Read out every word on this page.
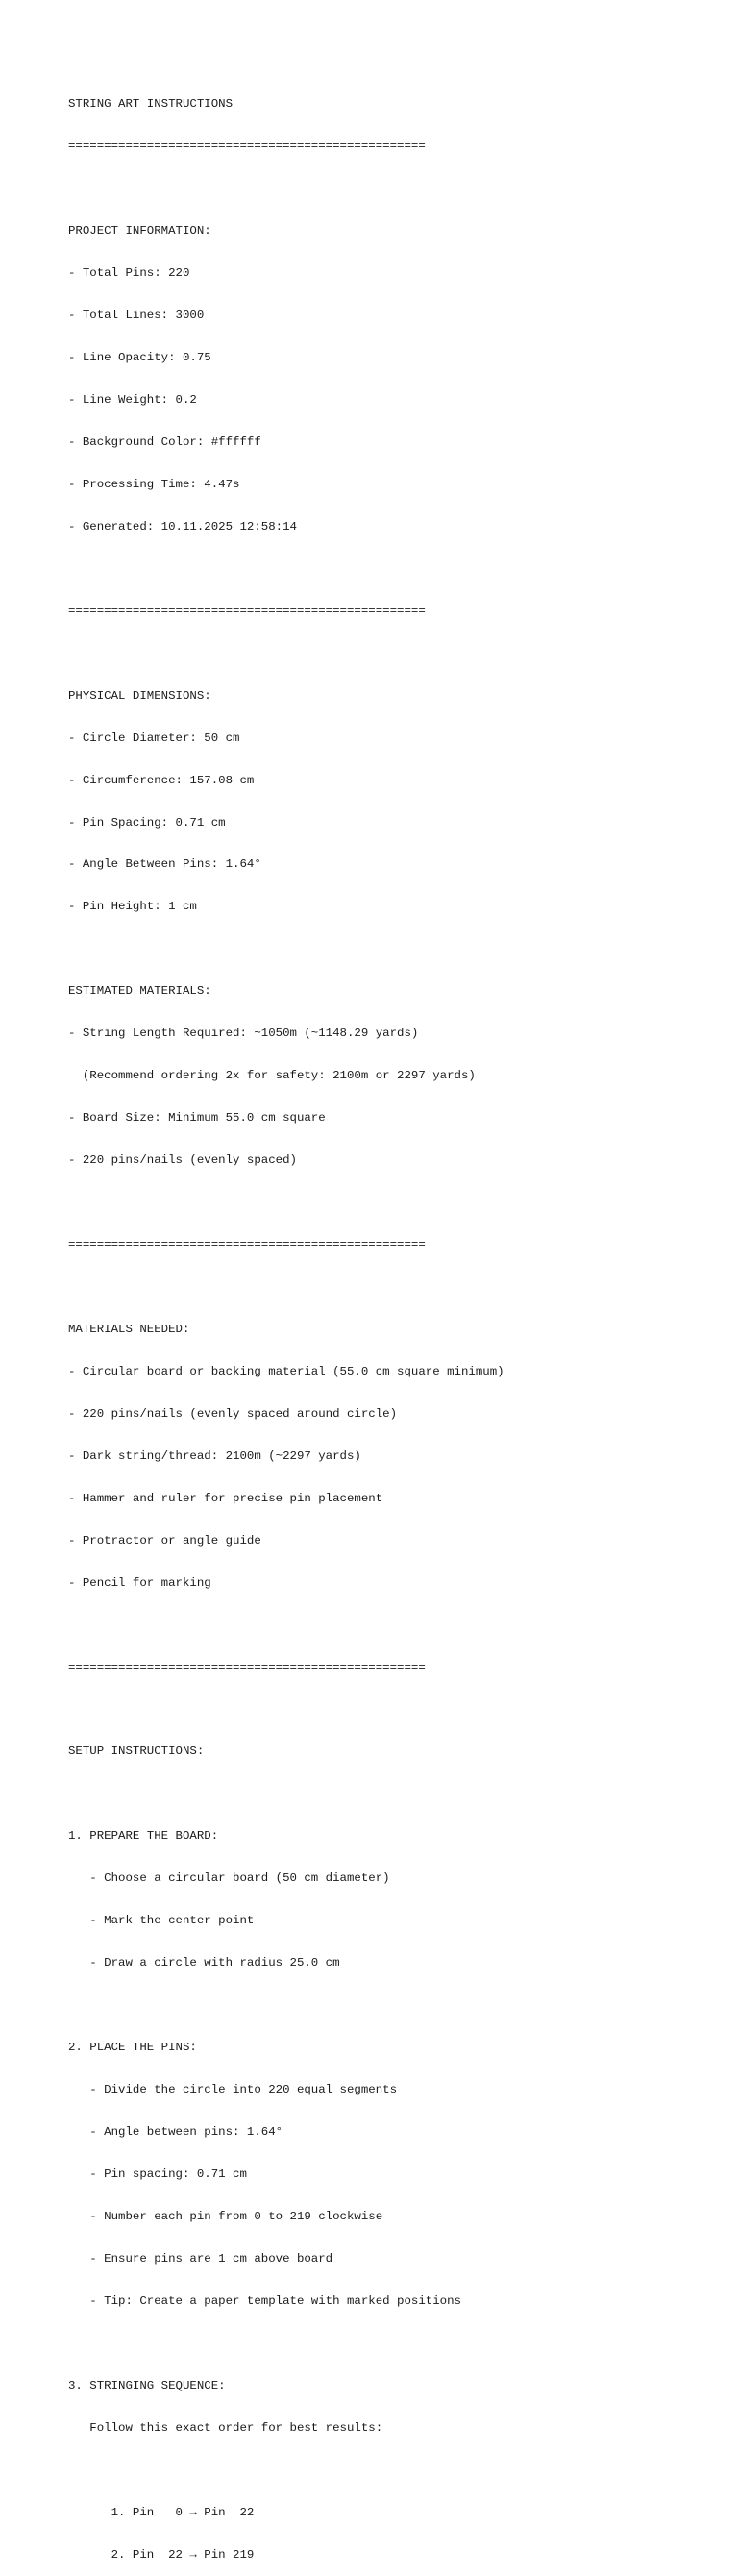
STRING ART INSTRUCTIONS

==================================================

PROJECT INFORMATION:

- Total Pins: 220

- Total Lines: 3000

- Line Opacity: 0.75

- Line Weight: 0.2

- Background Color: #ffffff

- Processing Time: 4.47s

- Generated: 10.11.2025 12:58:14

==================================================

PHYSICAL DIMENSIONS:

- Circle Diameter: 50 cm

- Circumference: 157.08 cm

- Pin Spacing: 0.71 cm

- Angle Between Pins: 1.64°

- Pin Height: 1 cm

ESTIMATED MATERIALS:

- String Length Required: ~1050m (~1148.29 yards)

(Recommend ordering 2x for safety: 2100m or 2297 yards)

- Board Size: Minimum 55.0 cm square

- 220 pins/nails (evenly spaced)

==================================================

MATERIALS NEEDED:

- Circular board or backing material (55.0 cm square minimum)

- 220 pins/nails (evenly spaced around circle)

- Dark string/thread: 2100m (~2297 yards)

- Hammer and ruler for precise pin placement

- Protractor or angle guide

- Pencil for marking

==================================================

SETUP INSTRUCTIONS:

1. PREPARE THE BOARD:

- Choose a circular board (50 cm diameter)

- Mark the center point

- Draw a circle with radius 25.0 cm

2. PLACE THE PINS:

- Divide the circle into 220 equal segments

- Angle between pins: 1.64°

- Pin spacing: 0.71 cm

- Number each pin from 0 to 219 clockwise

- Ensure pins are 1 cm above board

- Tip: Create a paper template with marked positions

3. STRINGING SEQUENCE:

Follow this exact order for best results:

1. Pin   0 → Pin  22

2. Pin  22 → Pin 219
